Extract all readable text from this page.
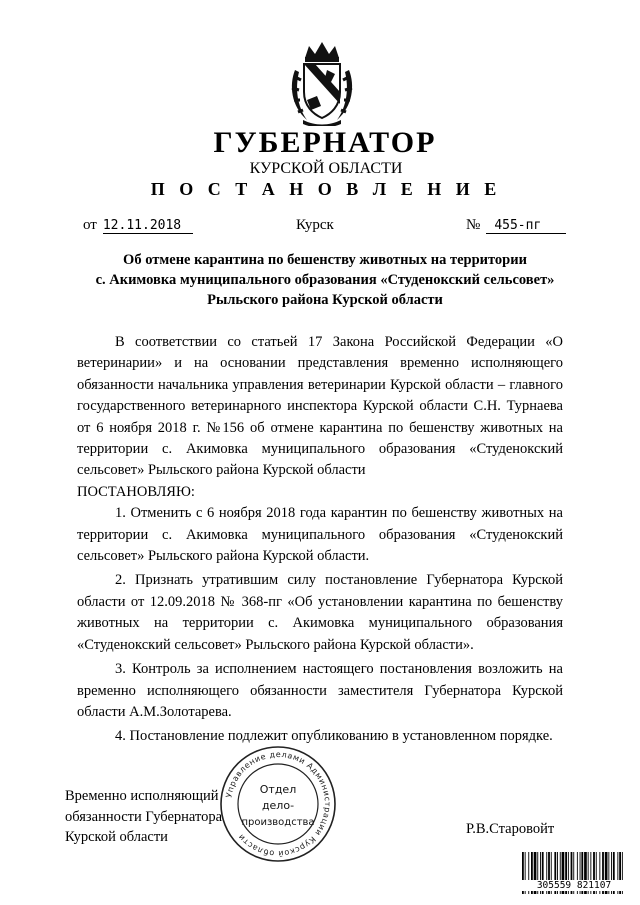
ГУБЕРНАТОР
КУРСКОЙ ОБЛАСТИ
П О С Т А Н О В Л Е Н И Е
от 12.11.2018	Курск	№ 455-пг
Об отмене карантина по бешенству животных на территории
с. Акимовка муниципального образования «Студенокский сельсовет»
Рыльского района Курской области

В соответствии со статьей 17 Закона Российской Федерации «О ветеринарии» и на основании представления временно исполняющего обязанности начальника управления ветеринарии Курской области – главного государственного ветеринарного инспектора Курской области С.Н. Турнаева от 6 ноября 2018 г. №156 об отмене карантина по бешенству животных на территории с. Акимовка муниципального образования «Студенокский сельсовет» Рыльского района Курской области

ПОСТАНОВЛЯЮ:

1. Отменить с 6 ноября 2018 года карантин по бешенству животных на территории с. Акимовка муниципального образования «Студенокский сельсовет» Рыльского района Курской области.

2. Признать утратившим силу постановление Губернатора Курской области от 12.09.2018 № 368-пг «Об установлении карантина по бешенству животных на территории с. Акимовка муниципального образования «Студенокский сельсовет» Рыльского района Курской области».

3. Контроль за исполнением настоящего постановления возложить на временно исполняющего обязанности заместителя Губернатора Курской области А.М.Золотарева.

4. Постановление подлежит опубликованию в установленном порядке.

Временно исполняющий
обязанности Губернатора
Курской области	Р.В.Старовойт
Управление делами Администрации Курской области
Отдел
дело-
производства
305559 821107
